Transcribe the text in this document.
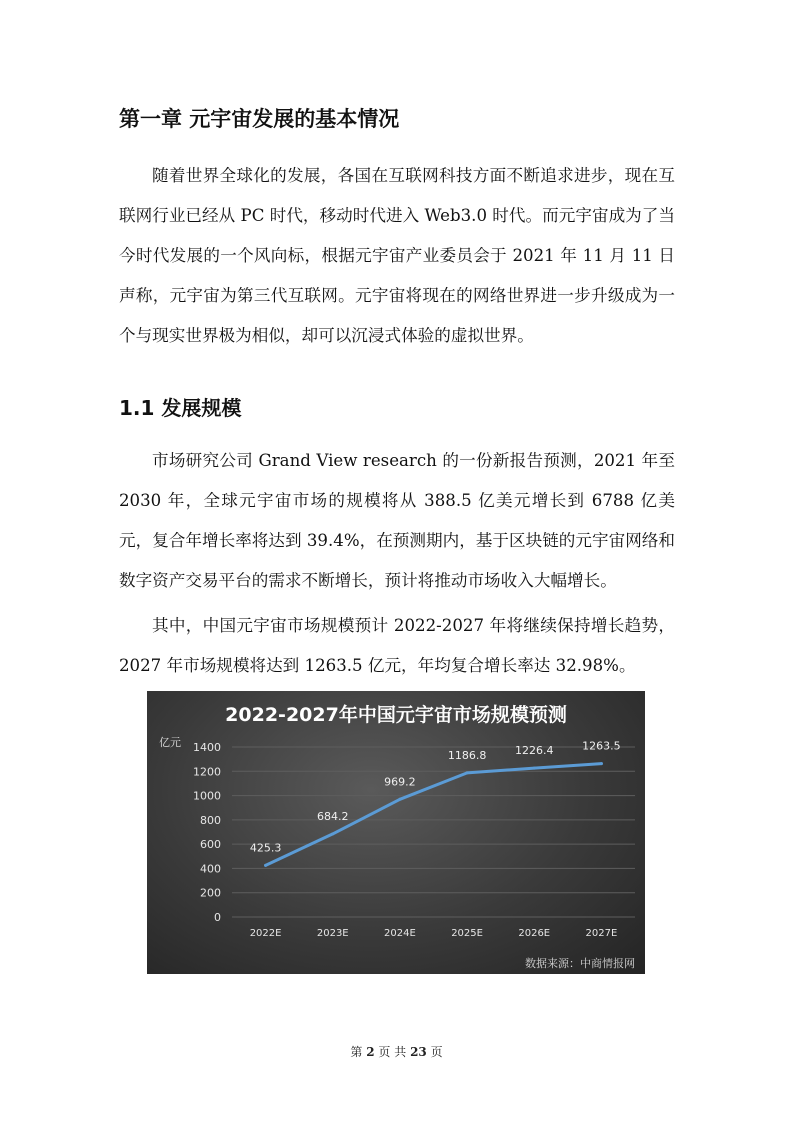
第一章 元宇宙发展的基本情况

随着世界全球化的发展，各国在互联网科技方面不断追求进步，现在互联网行业已经从 PC 时代，移动时代进入 Web3.0 时代。而元宇宙成为了当今时代发展的一个风向标，根据元宇宙产业委员会于 2021 年 11 月 11 日声称，元宇宙为第三代互联网。元宇宙将现在的网络世界进一步升级成为一个与现实世界极为相似，却可以沉浸式体验的虚拟世界。

1.1 发展规模

市场研究公司 Grand View research 的一份新报告预测，2021 年至 2030 年，全球元宇宙市场的规模将从 388.5 亿美元增长到 6788 亿美元，复合年增长率将达到 39.4%，在预测期内，基于区块链的元宇宙网络和数字资产交易平台的需求不断增长，预计将推动市场收入大幅增长。

其中，中国元宇宙市场规模预计 2022-2027 年将继续保持增长趋势，2027 年市场规模将达到 1263.5 亿元，年均复合增长率达 32.98%。

2022-2027年中国元宇宙市场规模预测
亿元
425.3
684.2
969.2
1186.8	1226.4	1263.5
0
200
400
600
800
1000
1200
1400
2022E	2023E	2024E	2025E	2026E	2027E
数据来源：中商情报网
第 2 页 共 23 页
